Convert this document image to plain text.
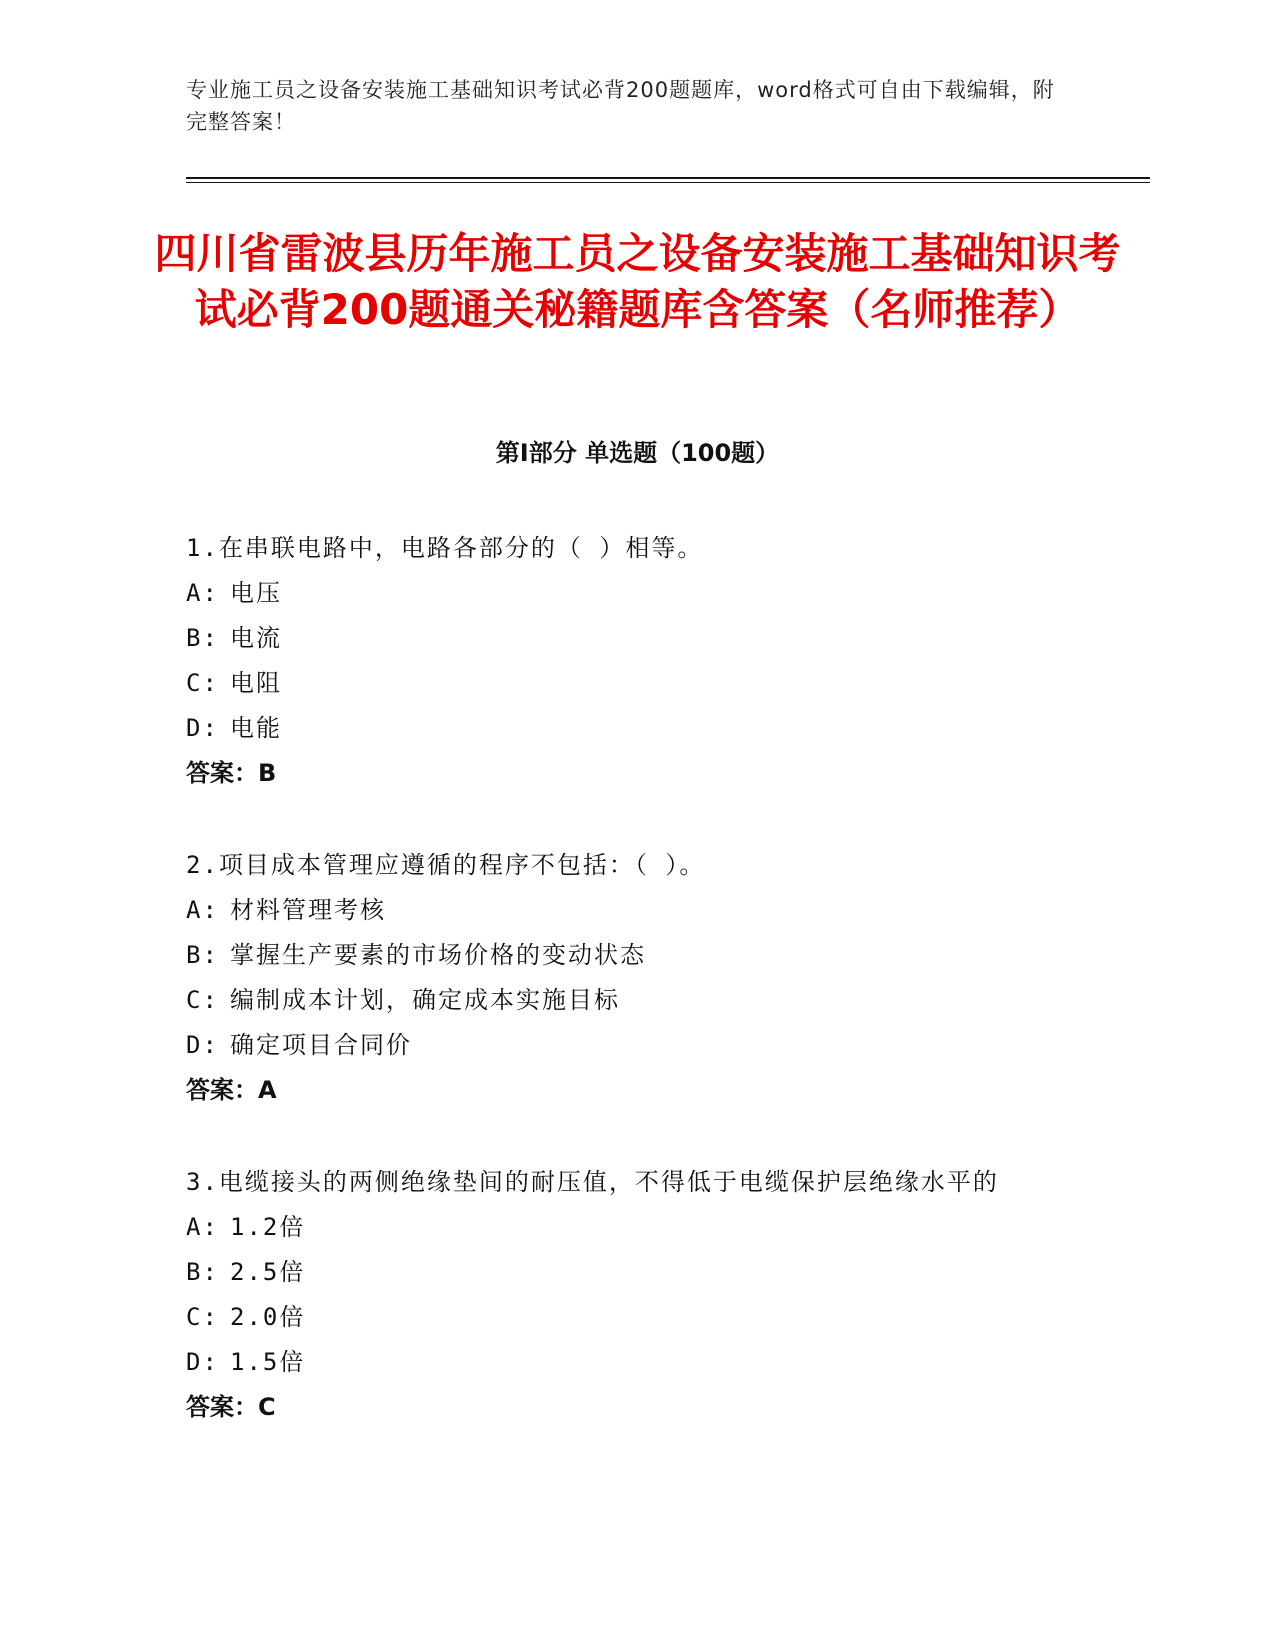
专业施工员之设备安装施工基础知识考试必背200题题库，word格式可自由下载编辑，附完整答案！
四川省雷波县历年施工员之设备安装施工基础知识考试必背200题通关秘籍题库含答案（名师推荐）
第Ⅰ部分 单选题（100题）
1.在串联电路中，电路各部分的（ ）相等。
A: 电压
B: 电流
C: 电阻
D: 电能
答案：B
2.项目成本管理应遵循的程序不包括：（ ）。
A: 材料管理考核
B: 掌握生产要素的市场价格的变动状态
C: 编制成本计划，确定成本实施目标
D: 确定项目合同价
答案：A
3.电缆接头的两侧绝缘垫间的耐压值，不得低于电缆保护层绝缘水平的
A: 1.2倍
B: 2.5倍
C: 2.0倍
D: 1.5倍
答案：C
